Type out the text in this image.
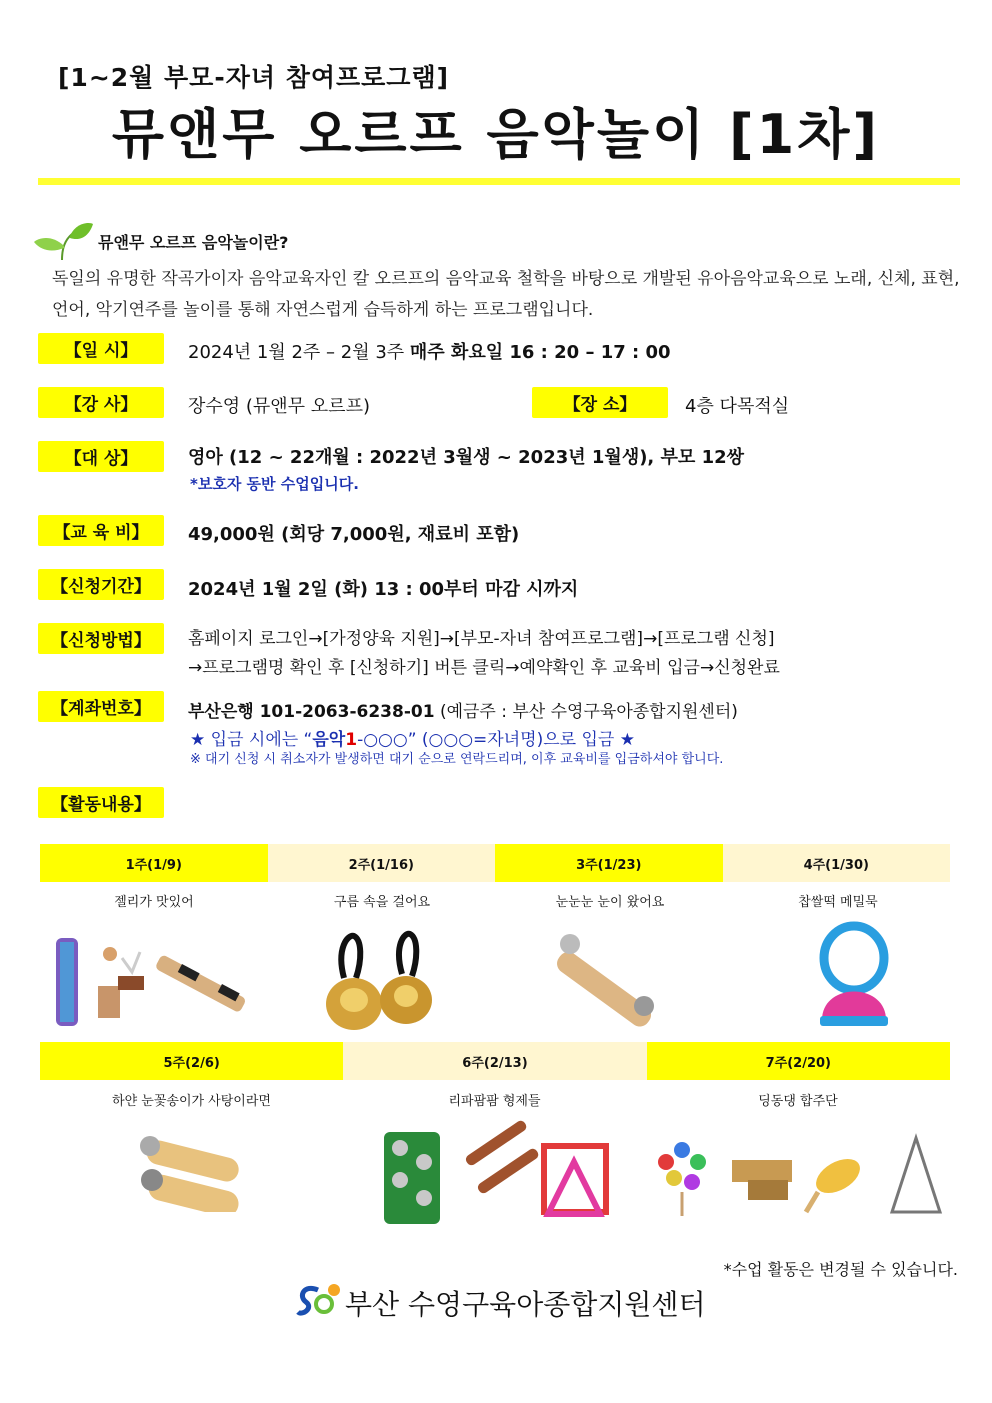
[1~2월 부모-자녀 참여프로그램]
뮤앤무 오르프 음악놀이 [1차]
뮤앤무 오르프 음악놀이란?
독일의 유명한 작곡가이자 음악교육자인 칼 오르프의 음악교육 철학을 바탕으로 개발된 유아음악교육으로 노래, 신체, 표현, 언어, 악기연주를 놀이를 통해 자연스럽게 습득하게 하는 프로그램입니다.
【일 시】	2024년 1월 2주 – 2월 3주 매주 화요일 16 : 20 – 17 : 00
【강 사】	장수영 (뮤앤무 오르프)	【장 소】	4층 다목적실
【대 상】	영아 (12 ~ 22개월 : 2022년 3월생 ~ 2023년 1월생), 부모 12쌍
*보호자 동반 수업입니다.
【교 육 비】	49,000원 (회당 7,000원, 재료비 포함)
【신청기간】	2024년 1월 2일 (화) 13 : 00부터 마감 시까지
【신청방법】	홈페이지 로그인→[가정양육 지원]→[부모-자녀 참여프로그램]→[프로그램 신청]
→프로그램명 확인 후 [신청하기] 버튼 클릭→예약확인 후 교육비 입금→신청완료
【계좌번호】	부산은행 101-2063-6238-01 (예금주 : 부산 수영구육아종합지원센터)
★ 입금 시에는 “음악1-○○○” (○○○=자녀명)으로 입금 ★
※ 대기 신청 시 취소자가 발생하면 대기 순으로 연락드리며, 이후 교육비를 입금하셔야 합니다.
【활동내용】
1주(1/9)	2주(1/16)	3주(1/23)	4주(1/30)
젤리가 맛있어	구름 속을 걸어요	눈눈눈 눈이 왔어요	찹쌀떡 메밀묵
5주(2/6)	6주(2/13)	7주(2/20)
하얀 눈꽃송이가 사탕이라면	리파팜팜 형제들	딩동댕 합주단
*수업 활동은 변경될 수 있습니다.
부산 수영구육아종합지원센터
